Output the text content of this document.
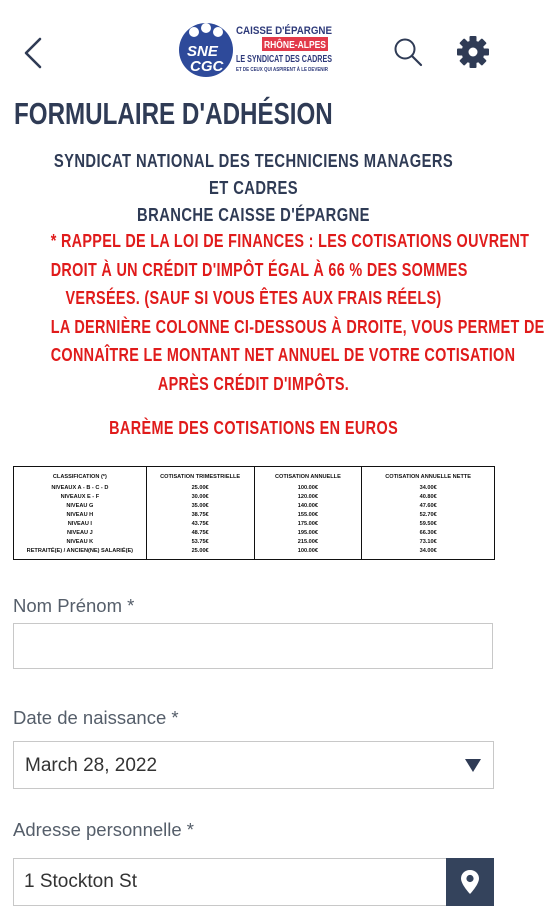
SNE
CGC
CAISSE D'ÉPARGNE
RHÔNE-ALPES
LE SYNDICAT DES CADRES
ET DE CEUX QUI ASPIRENT À LE DEVENIR
FORMULAIRE D'ADHÉSION
SYNDICAT NATIONAL DES TECHNICIENS MANAGERS ET CADRES
BRANCHE CAISSE D'ÉPARGNE
* RAPPEL DE LA LOI DE FINANCES : LES COTISATIONS OUVRENT
DROIT À UN CRÉDIT D'IMPÔT ÉGAL À 66 % DES SOMMES
VERSÉES. (SAUF SI VOUS ÊTES AUX FRAIS RÉELS)
LA DERNIÈRE COLONNE CI-DESSOUS À DROITE, VOUS PERMET DE
CONNAÎTRE LE MONTANT NET ANNUEL DE VOTRE COTISATION
APRÈS CRÉDIT D'IMPÔTS.
BARÈME DES COTISATIONS EN EUROS
CLASSIFICATION (*)	COTISATION TRIMESTRIELLE	COTISATION ANNUELLE	COTISATION ANNUELLE NETTE
NIVEAUX A - B - C - D	25.00€	100.00€	34.00€
NIVEAUX E - F	30.00€	120.00€	40.80€
NIVEAU G	35.00€	140.00€	47.60€
NIVEAU H	38.75€	155.00€	52.70€
NIVEAU I	43.75€	175.00€	59.50€
NIVEAU J	48.75€	195.00€	66.30€
NIVEAU K	53.75€	215.00€	73.10€
RETRAITÉ(E) / ANCIEN(NE) SALARIÉ(E)	25.00€	100.00€	34.00€
Nom Prénom *
Date de naissance *
March 28, 2022
Adresse personnelle *
1 Stockton St
